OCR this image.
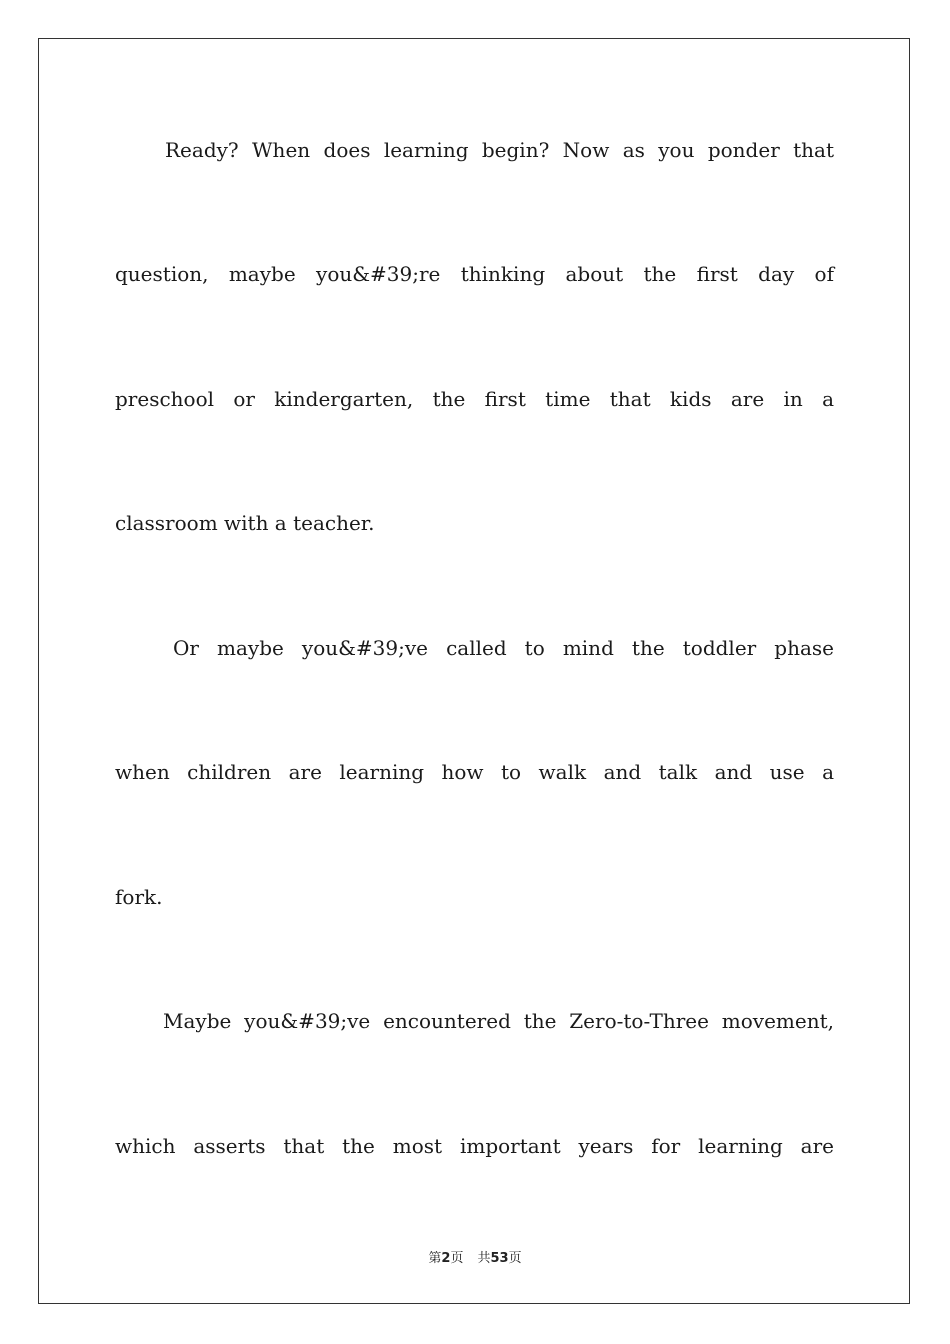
Ready? When does learning begin? Now as you ponder that
question, maybe you&#39;re thinking about the first day of
preschool or kindergarten, the first time that kids are in a
classroom with a teacher.
Or maybe you&#39;ve called to mind the toddler phase
when children are learning how to walk and talk and use a
fork.
Maybe you&#39;ve encountered the Zero-to-Three movement,
which asserts that the most important years for learning are
第2页 共53页
